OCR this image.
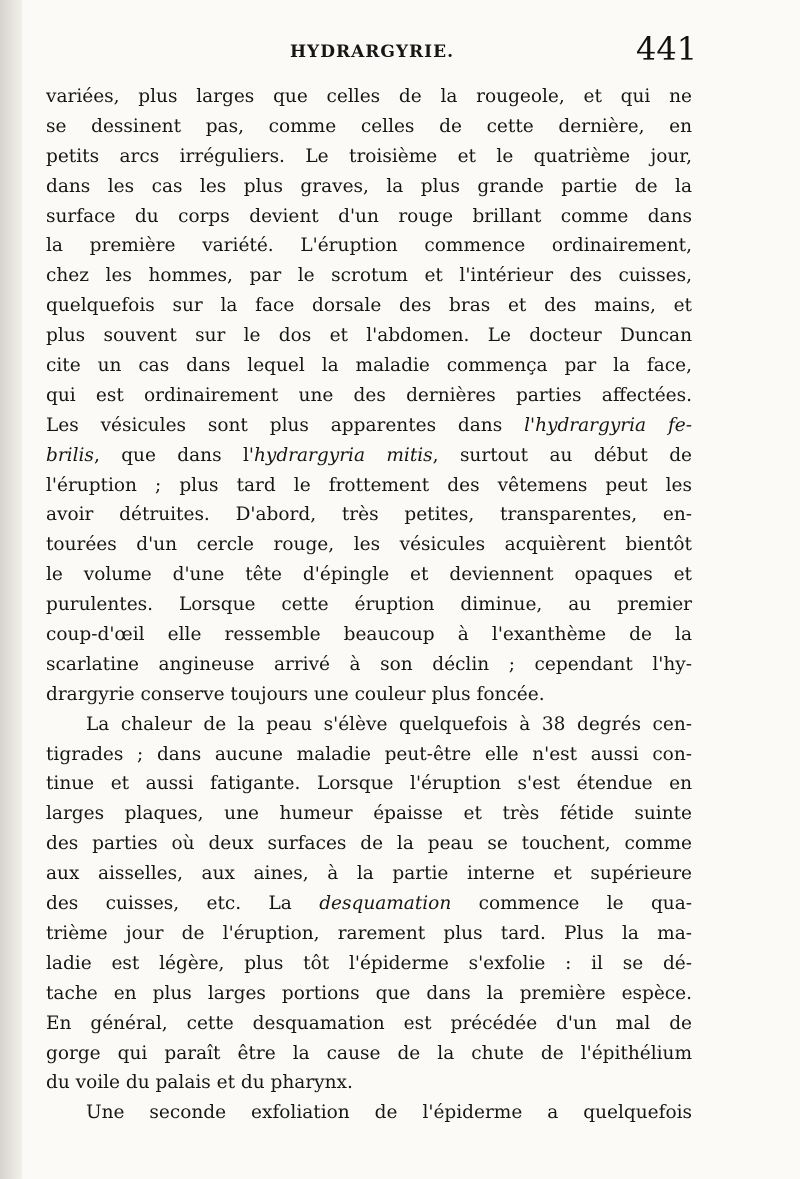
HYDRARGYRIE.	441
variées, plus larges que celles de la rougeole, et qui ne
se dessinent pas, comme celles de cette dernière, en
petits arcs irréguliers. Le troisième et le quatrième jour,
dans les cas les plus graves, la plus grande partie de la
surface du corps devient d'un rouge brillant comme dans
la première variété. L'éruption commence ordinairement,
chez les hommes, par le scrotum et l'intérieur des cuisses,
quelquefois sur la face dorsale des bras et des mains, et
plus souvent sur le dos et l'abdomen. Le docteur Duncan
cite un cas dans lequel la maladie commença par la face,
qui est ordinairement une des dernières parties affectées.
Les vésicules sont plus apparentes dans l'hydrargyria fe-
brilis, que dans l'hydrargyria mitis, surtout au début de
l'éruption ; plus tard le frottement des vêtemens peut les
avoir détruites. D'abord, très petites, transparentes, en-
tourées d'un cercle rouge, les vésicules acquièrent bientôt
le volume d'une tête d'épingle et deviennent opaques et
purulentes. Lorsque cette éruption diminue, au premier
coup-d'œil elle ressemble beaucoup à l'exanthème de la
scarlatine angineuse arrivé à son déclin ; cependant l'hy-
drargyrie conserve toujours une couleur plus foncée.
La chaleur de la peau s'élève quelquefois à 38 degrés cen-
tigrades ; dans aucune maladie peut-être elle n'est aussi con-
tinue et aussi fatigante. Lorsque l'éruption s'est étendue en
larges plaques, une humeur épaisse et très fétide suinte
des parties où deux surfaces de la peau se touchent, comme
aux aisselles, aux aines, à la partie interne et supérieure
des cuisses, etc. La desquamation commence le qua-
trième jour de l'éruption, rarement plus tard. Plus la ma-
ladie est légère, plus tôt l'épiderme s'exfolie : il se dé-
tache en plus larges portions que dans la première espèce.
En général, cette desquamation est précédée d'un mal de
gorge qui paraît être la cause de la chute de l'épithélium
du voile du palais et du pharynx.
Une seconde exfoliation de l'épiderme a quelquefois
